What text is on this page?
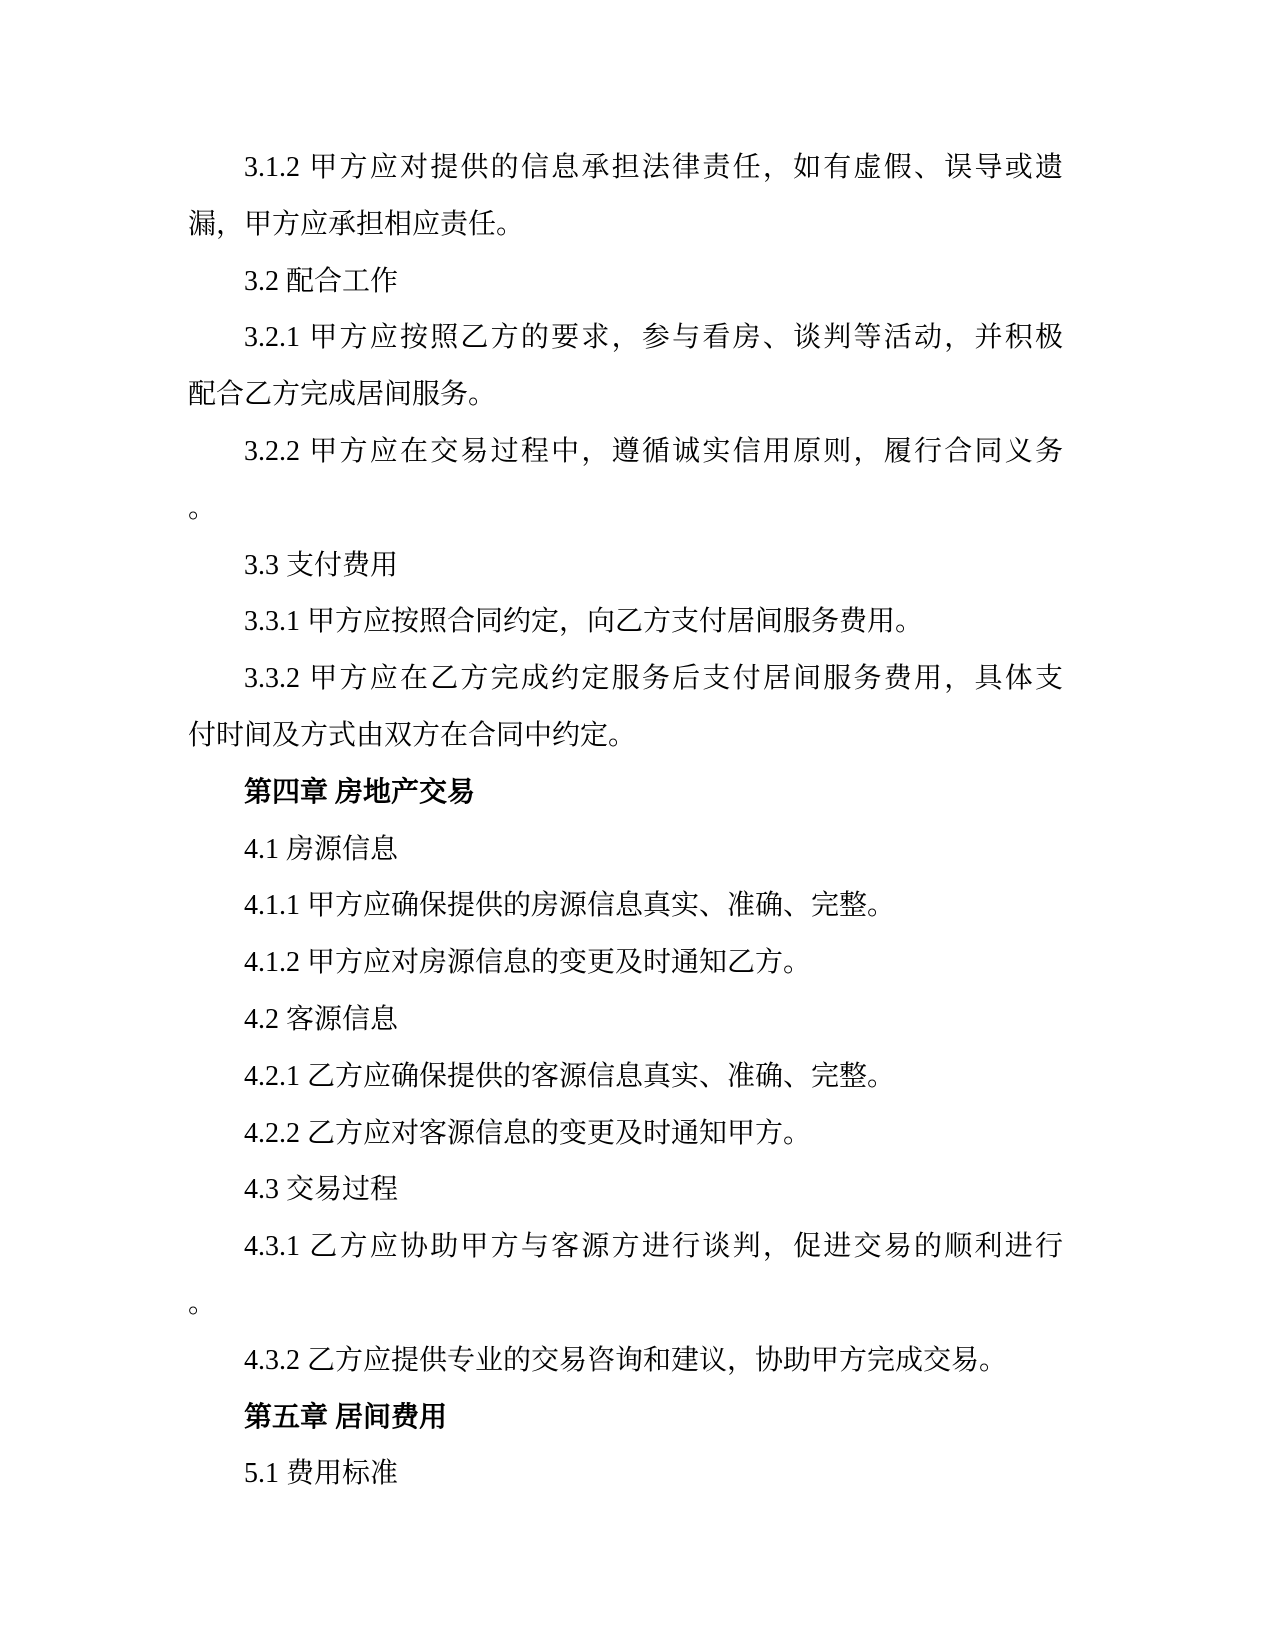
3.1.2 甲方应对提供的信息承担法律责任，如有虚假、误导或遗
漏，甲方应承担相应责任。
3.2 配合工作
3.2.1 甲方应按照乙方的要求，参与看房、谈判等活动，并积极
配合乙方完成居间服务。
3.2.2 甲方应在交易过程中，遵循诚实信用原则，履行合同义务
。
3.3 支付费用
3.3.1 甲方应按照合同约定，向乙方支付居间服务费用。
3.3.2 甲方应在乙方完成约定服务后支付居间服务费用，具体支
付时间及方式由双方在合同中约定。
第四章 房地产交易
4.1 房源信息
4.1.1 甲方应确保提供的房源信息真实、准确、完整。
4.1.2 甲方应对房源信息的变更及时通知乙方。
4.2 客源信息
4.2.1 乙方应确保提供的客源信息真实、准确、完整。
4.2.2 乙方应对客源信息的变更及时通知甲方。
4.3 交易过程
4.3.1 乙方应协助甲方与客源方进行谈判，促进交易的顺利进行
。
4.3.2 乙方应提供专业的交易咨询和建议，协助甲方完成交易。
第五章 居间费用
5.1 费用标准
